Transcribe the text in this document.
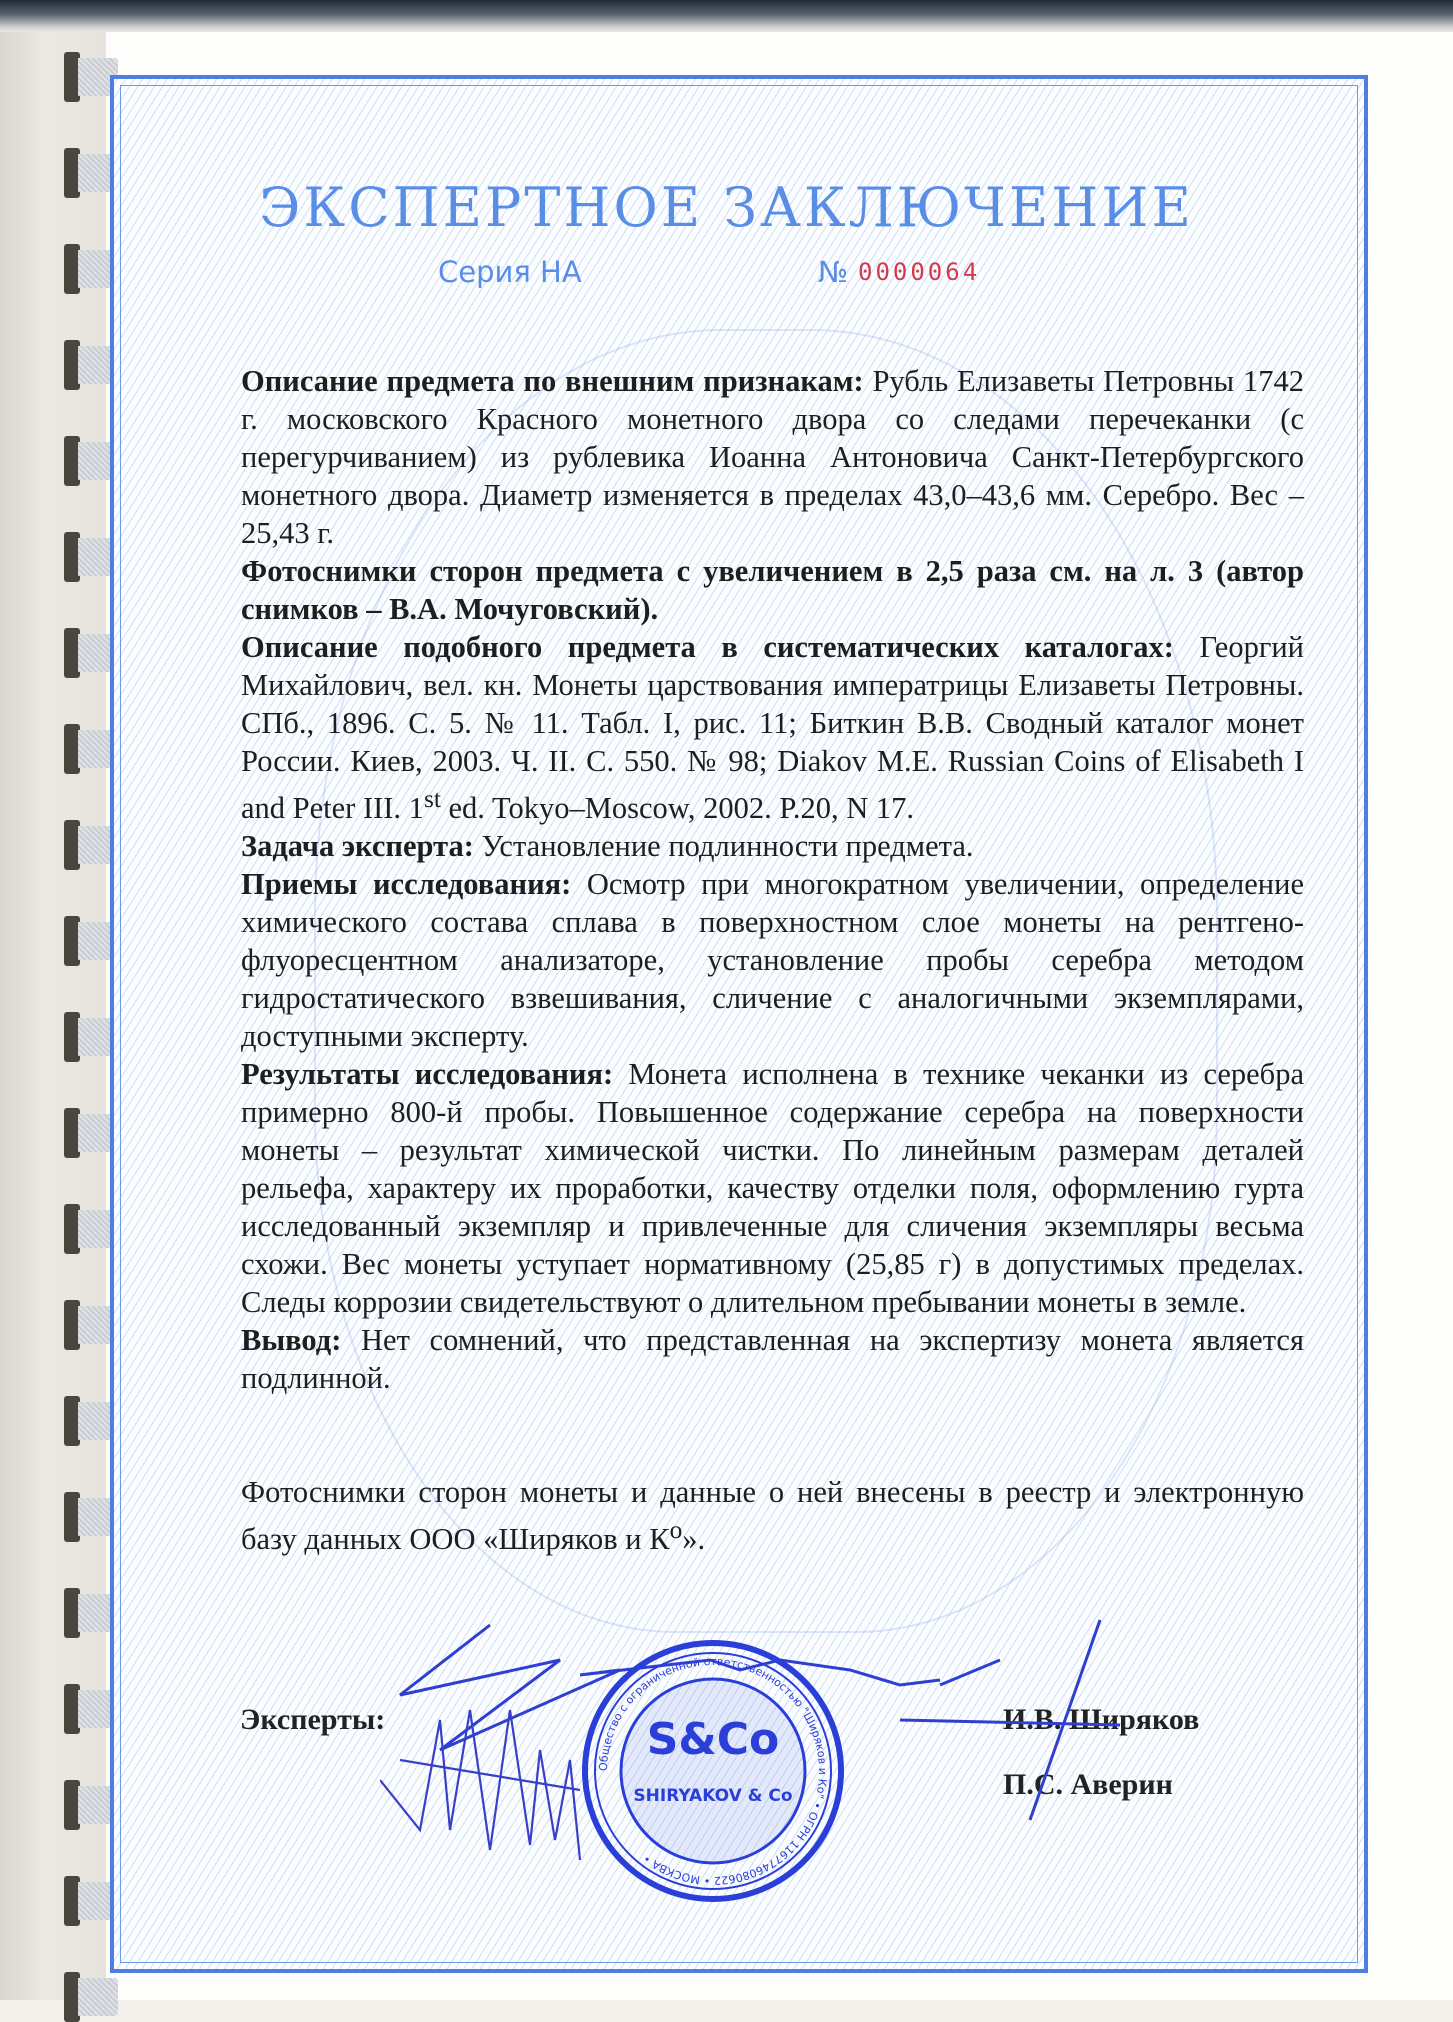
ЭКСПЕРТНОЕ ЗАКЛЮЧЕНИЕ
Серия НА	№ 0000064

Описание предмета по внешним признакам: Рубль Елизаветы Петровны 1742 г. московского Красного монетного двора со следами перечеканки (с перегурчиванием) из рублевика Иоанна Антоновича Санкт-Петербургского монетного двора. Диаметр изменяется в пределах 43,0–43,6 мм. Серебро. Вес – 25,43 г.

Фотоснимки сторон предмета с увеличением в 2,5 раза см. на л. 3 (автор снимков – В.А. Мочуговский).

Описание подобного предмета в систематических каталогах: Георгий Михайлович, вел. кн. Монеты царствования императрицы Елизаветы Петровны. СПб., 1896. С. 5. № 11. Табл. I, рис. 11; Биткин В.В. Сводный каталог монет России. Киев, 2003. Ч. II. С. 550. № 98; Diakov M.E. Russian Coins of Elisabeth I and Peter III. 1st ed. Tokyo–Moscow, 2002. P.20, N 17.

Задача эксперта: Установление подлинности предмета.

Приемы исследования: Осмотр при многократном увеличении, определение химического состава сплава в поверхностном слое монеты на рентгено-флуоресцентном анализаторе, установление пробы серебра методом гидростатического взвешивания, сличение с аналогичными экземплярами, доступными эксперту.

Результаты исследования: Монета исполнена в технике чеканки из серебра примерно 800-й пробы. Повышенное содержание серебра на поверхности монеты – результат химической чистки. По линейным размерам деталей рельефа, характеру их проработки, качеству отделки поля, оформлению гурта исследованный экземпляр и привлеченные для сличения экземпляры весьма схожи. Вес монеты уступает нормативному (25,85 г) в допустимых пределах. Следы коррозии свидетельствуют о длительном пребывании монеты в земле.

Вывод: Нет сомнений, что представленная на экспертизу монета является подлинной.

Фотоснимки сторон монеты и данные о ней внесены в реестр и электронную базу данных ООО «Ширяков и $К^о$».

Эксперты:	И.В. Ширяков
П.С. Аверин
Общество с ограниченной ответственностью "Ширяков и Ко" • ОГРН 1167746080622 • МОСКВА •
S&Co
SHIRYAKOV & Co
